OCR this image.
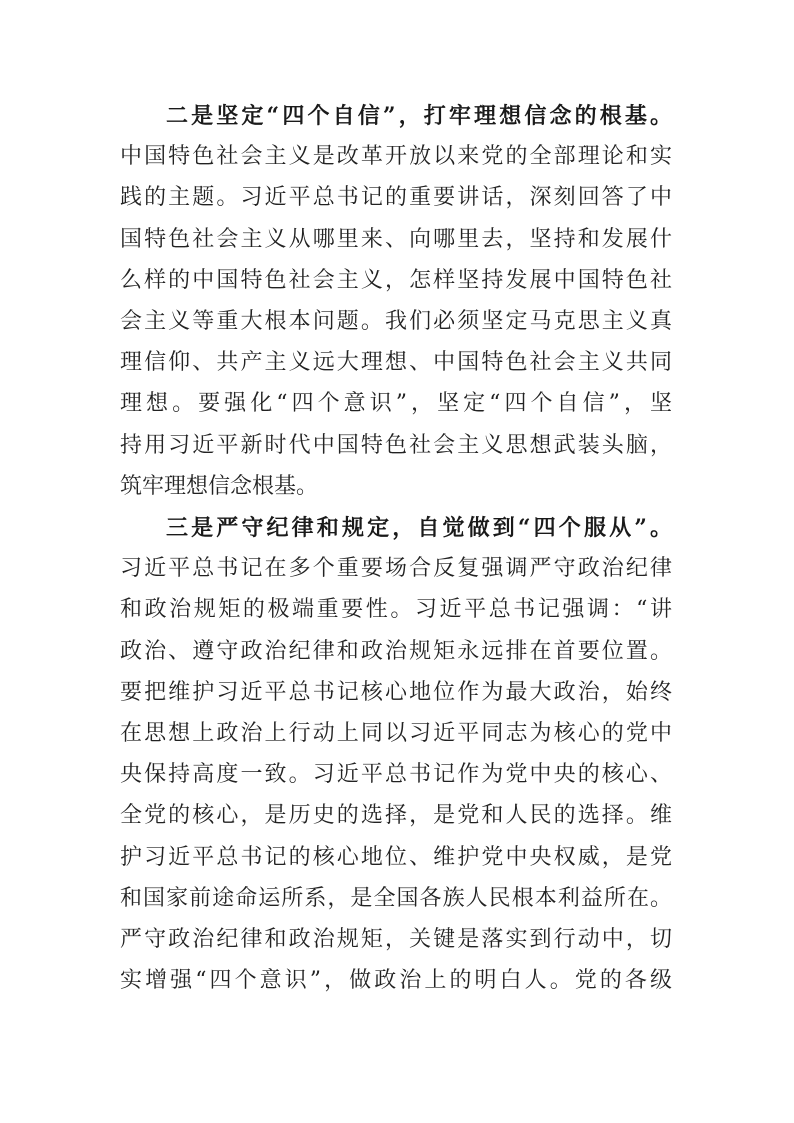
二是坚定“四个自信”，打牢理想信念的根基。
中国特色社会主义是改革开放以来党的全部理论和实
践的主题。习近平总书记的重要讲话，深刻回答了中
国特色社会主义从哪里来、向哪里去，坚持和发展什
么样的中国特色社会主义，怎样坚持发展中国特色社
会主义等重大根本问题。我们必须坚定马克思主义真
理信仰、共产主义远大理想、中国特色社会主义共同
理想。要强化“四个意识”，坚定“四个自信”，坚
持用习近平新时代中国特色社会主义思想武装头脑，
筑牢理想信念根基。
三是严守纪律和规定，自觉做到“四个服从”。
习近平总书记在多个重要场合反复强调严守政治纪律
和政治规矩的极端重要性。习近平总书记强调：“讲
政治、遵守政治纪律和政治规矩永远排在首要位置。
要把维护习近平总书记核心地位作为最大政治，始终
在思想上政治上行动上同以习近平同志为核心的党中
央保持高度一致。习近平总书记作为党中央的核心、
全党的核心，是历史的选择，是党和人民的选择。维
护习近平总书记的核心地位、维护党中央权威，是党
和国家前途命运所系，是全国各族人民根本利益所在。
严守政治纪律和政治规矩，关键是落实到行动中，切
实增强“四个意识”，做政治上的明白人。党的各级
